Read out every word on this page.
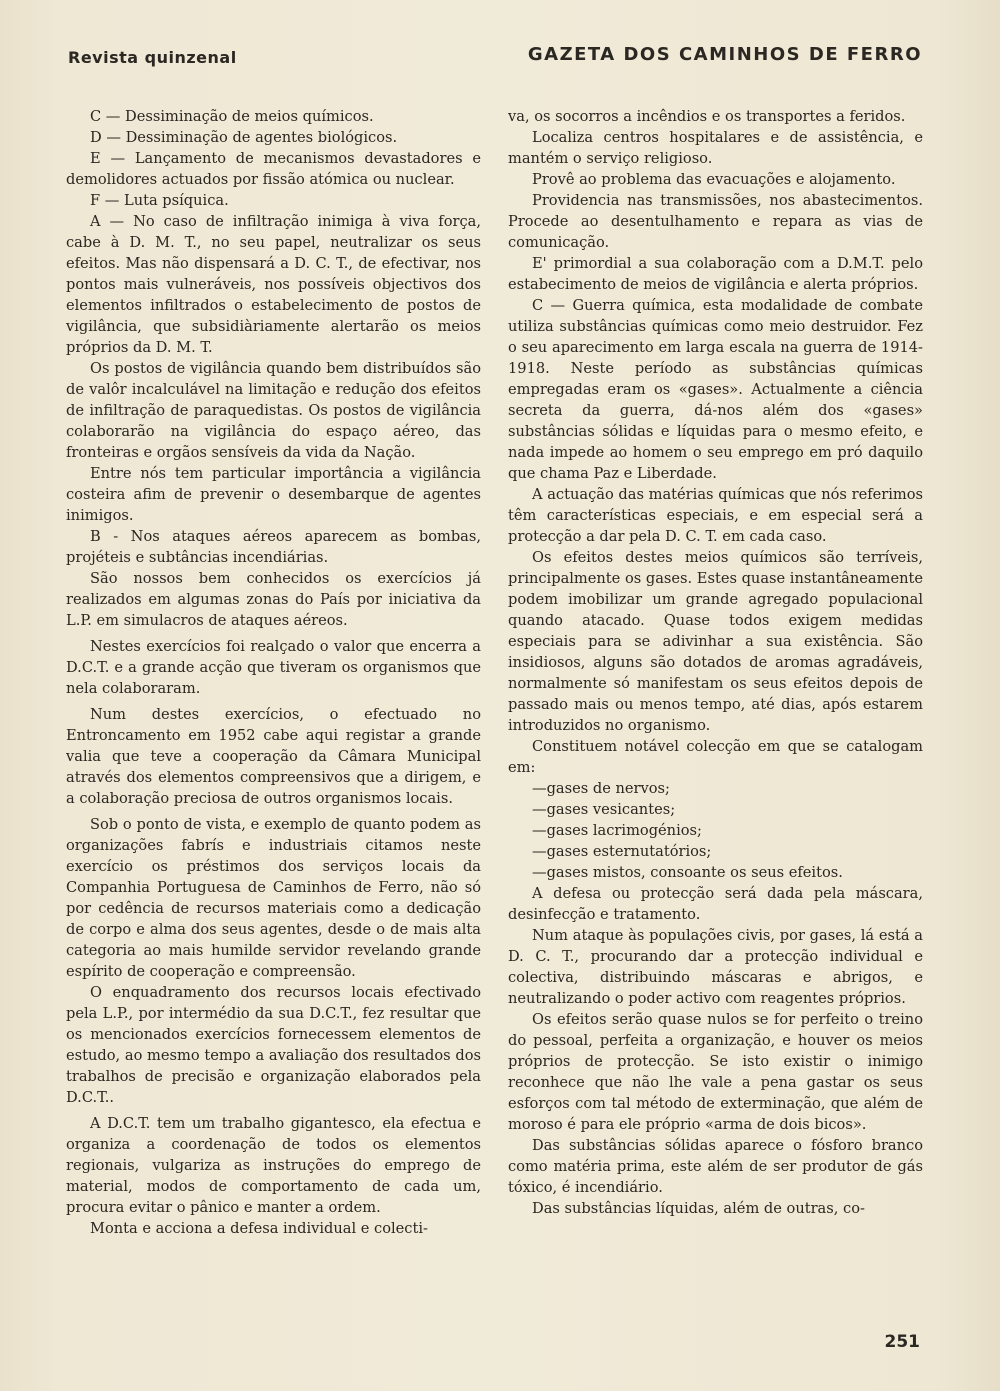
Revista quinzenal	GAZETA DOS CAMINHOS DE FERRO

C — Dessiminação de meios químicos.

D — Dessiminação de agentes biológicos.

E — Lançamento de mecanismos devastadores e demolidores actuados por fissão atómica ou nuclear.

F — Luta psíquica.

A — No caso de infiltração inimiga à viva força, cabe à D. M. T., no seu papel, neutralizar os seus efeitos. Mas não dispensará a D. C. T., de efectivar, nos pontos mais vulneráveis, nos possíveis objectivos dos elementos infiltrados o estabelecimento de postos de vigilância, que subsidiàriamente alertarão os meios próprios da D. M. T.

Os postos de vigilância quando bem distribuídos são de valôr incalculável na limitação e redução dos efeitos de infiltração de paraquedistas. Os postos de vigilância colaborarão na vigilância do espaço aéreo, das fronteiras e orgãos sensíveis da vida da Nação.

Entre nós tem particular importância a vigilância costeira afim de prevenir o desembarque de agentes inimigos.

B - Nos ataques aéreos aparecem as bombas, projéteis e subtâncias incendiárias.

São nossos bem conhecidos os exercícios já realizados em algumas zonas do País por iniciativa da L.P. em simulacros de ataques aéreos.

Nestes exercícios foi realçado o valor que encerra a D.C.T. e a grande acção que tiveram os organismos que nela colaboraram.

Num destes exercícios, o efectuado no Entroncamento em 1952 cabe aqui registar a grande valia que teve a cooperação da Câmara Municipal através dos elementos compreensivos que a dirigem, e a colaboração preciosa de outros organismos locais.

Sob o ponto de vista, e exemplo de quanto podem as organizações fabrís e industriais citamos neste exercício os préstimos dos serviços locais da Companhia Portuguesa de Caminhos de Ferro, não só por cedência de recursos materiais como a dedicação de corpo e alma dos seus agentes, desde o de mais alta categoria ao mais humilde servidor revelando grande espírito de cooperação e compreensão.

O enquadramento dos recursos locais efectivado pela L.P., por intermédio da sua D.C.T., fez resultar que os mencionados exercícios fornecessem elementos de estudo, ao mesmo tempo a avaliação dos resultados dos trabalhos de precisão e organização elaborados pela D.C.T..

A D.C.T. tem um trabalho gigantesco, ela efectua e organiza a coordenação de todos os elementos regionais, vulgariza as instruções do emprego de material, modos de comportamento de cada um, procura evitar o pânico e manter a ordem.

Monta e acciona a defesa individual e colecti-

va, os socorros a incêndios e os transportes a feridos.

Localiza centros hospitalares e de assistência, e mantém o serviço religioso.

Provê ao problema das evacuações e alojamento.

Providencia nas transmissões, nos abastecimentos. Procede ao desentulhamento e repara as vias de comunicação.

E' primordial a sua colaboração com a D.M.T. pelo estabecimento de meios de vigilância e alerta próprios.

C — Guerra química, esta modalidade de combate utiliza substâncias químicas como meio destruidor. Fez o seu aparecimento em larga escala na guerra de 1914-1918. Neste período as substâncias químicas empregadas eram os «gases». Actualmente a ciência secreta da guerra, dá-nos além dos «gases» substâncias sólidas e líquidas para o mesmo efeito, e nada impede ao homem o seu emprego em pró daquilo que chama Paz e Liberdade.

A actuação das matérias químicas que nós referimos têm características especiais, e em especial será a protecção a dar pela D. C. T. em cada caso.

Os efeitos destes meios químicos são terríveis, principalmente os gases. Estes quase instantâneamente podem imobilizar um grande agregado populacional quando atacado. Quase todos exigem medidas especiais para se adivinhar a sua existência. São insidiosos, alguns são dotados de aromas agradáveis, normalmente só manifestam os seus efeitos depois de passado mais ou menos tempo, até dias, após estarem introduzidos no organismo.

Constituem notável colecção em que se catalogam em:

—gases de nervos;
—gases vesicantes;
—gases lacrimogénios;
—gases esternutatórios;
—gases mistos, consoante os seus efeitos.

A defesa ou protecção será dada pela máscara, desinfecção e tratamento.

Num ataque às populações civis, por gases, lá está a D. C. T., procurando dar a protecção individual e colectiva, distribuindo máscaras e abrigos, e neutralizando o poder activo com reagentes próprios.

Os efeitos serão quase nulos se for perfeito o treino do pessoal, perfeita a organização, e houver os meios próprios de protecção. Se isto existir o inimigo reconhece que não lhe vale a pena gastar os seus esforços com tal método de exterminação, que além de moroso é para ele próprio «arma de dois bicos».

Das substâncias sólidas aparece o fósforo branco como matéria prima, este além de ser produtor de gás tóxico, é incendiário.

Das substâncias líquidas, além de outras, co-

251
